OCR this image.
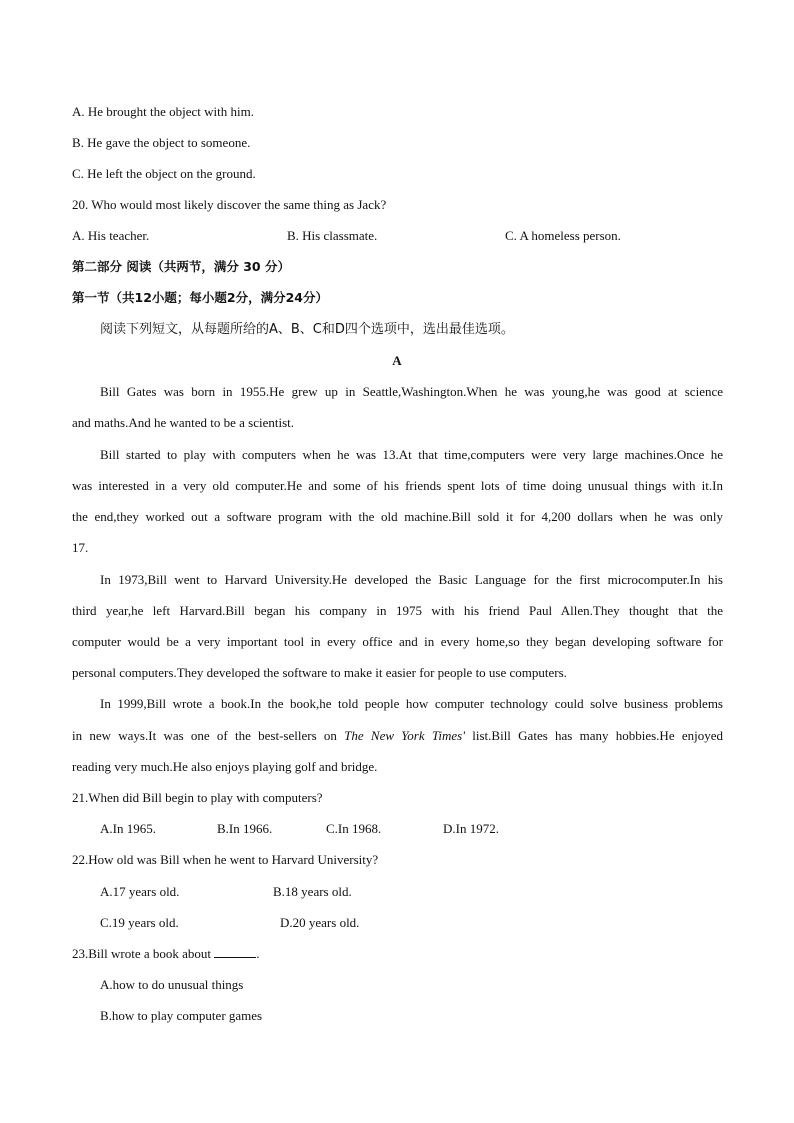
A. He brought the object with him.
B. He gave the object to someone.
C. He left the object on the ground.
20. Who would most likely discover the same thing as Jack?
A. His teacher.	B. His classmate.	C. A homeless person.
第二部分 阅读（共两节，满分 30 分）
第一节（共12小题；每小题2分，满分24分）
阅读下列短文，从每题所给的A、B、C和D四个选项中，选出最佳选项。
A
Bill Gates was born in 1955.He grew up in Seattle,Washington.When he was young,he was good at science
and maths.And he wanted to be a scientist.
Bill started to play with computers when he was 13.At that time,computers were very large machines.Once he
was interested in a very old computer.He and some of his friends spent lots of time doing unusual things with it.In
the end,they worked out a software program with the old machine.Bill sold it for 4,200 dollars when he was only
17.
In 1973,Bill went to Harvard University.He developed the Basic Language for the first microcomputer.In his
third year,he left Harvard.Bill began his company in 1975 with his friend Paul Allen.They thought that the
computer would be a very important tool in every office and in every home,so they began developing software for
personal computers.They developed the software to make it easier for people to use computers.
In 1999,Bill wrote a book.In the book,he told people how computer technology could solve business problems
in new ways.It was one of the best-sellers on The New York Times' list.Bill Gates has many hobbies.He enjoyed
reading very much.He also enjoys playing golf and bridge.
21.When did Bill begin to play with computers?
A.In 1965.	B.In 1966.	C.In 1968.	D.In 1972.
22.How old was Bill when he went to Harvard University?
A.17 years old.	B.18 years old.
C.19 years old.	D.20 years old.
23.Bill wrote a book about	.
A.how to do unusual things
B.how to play computer games
